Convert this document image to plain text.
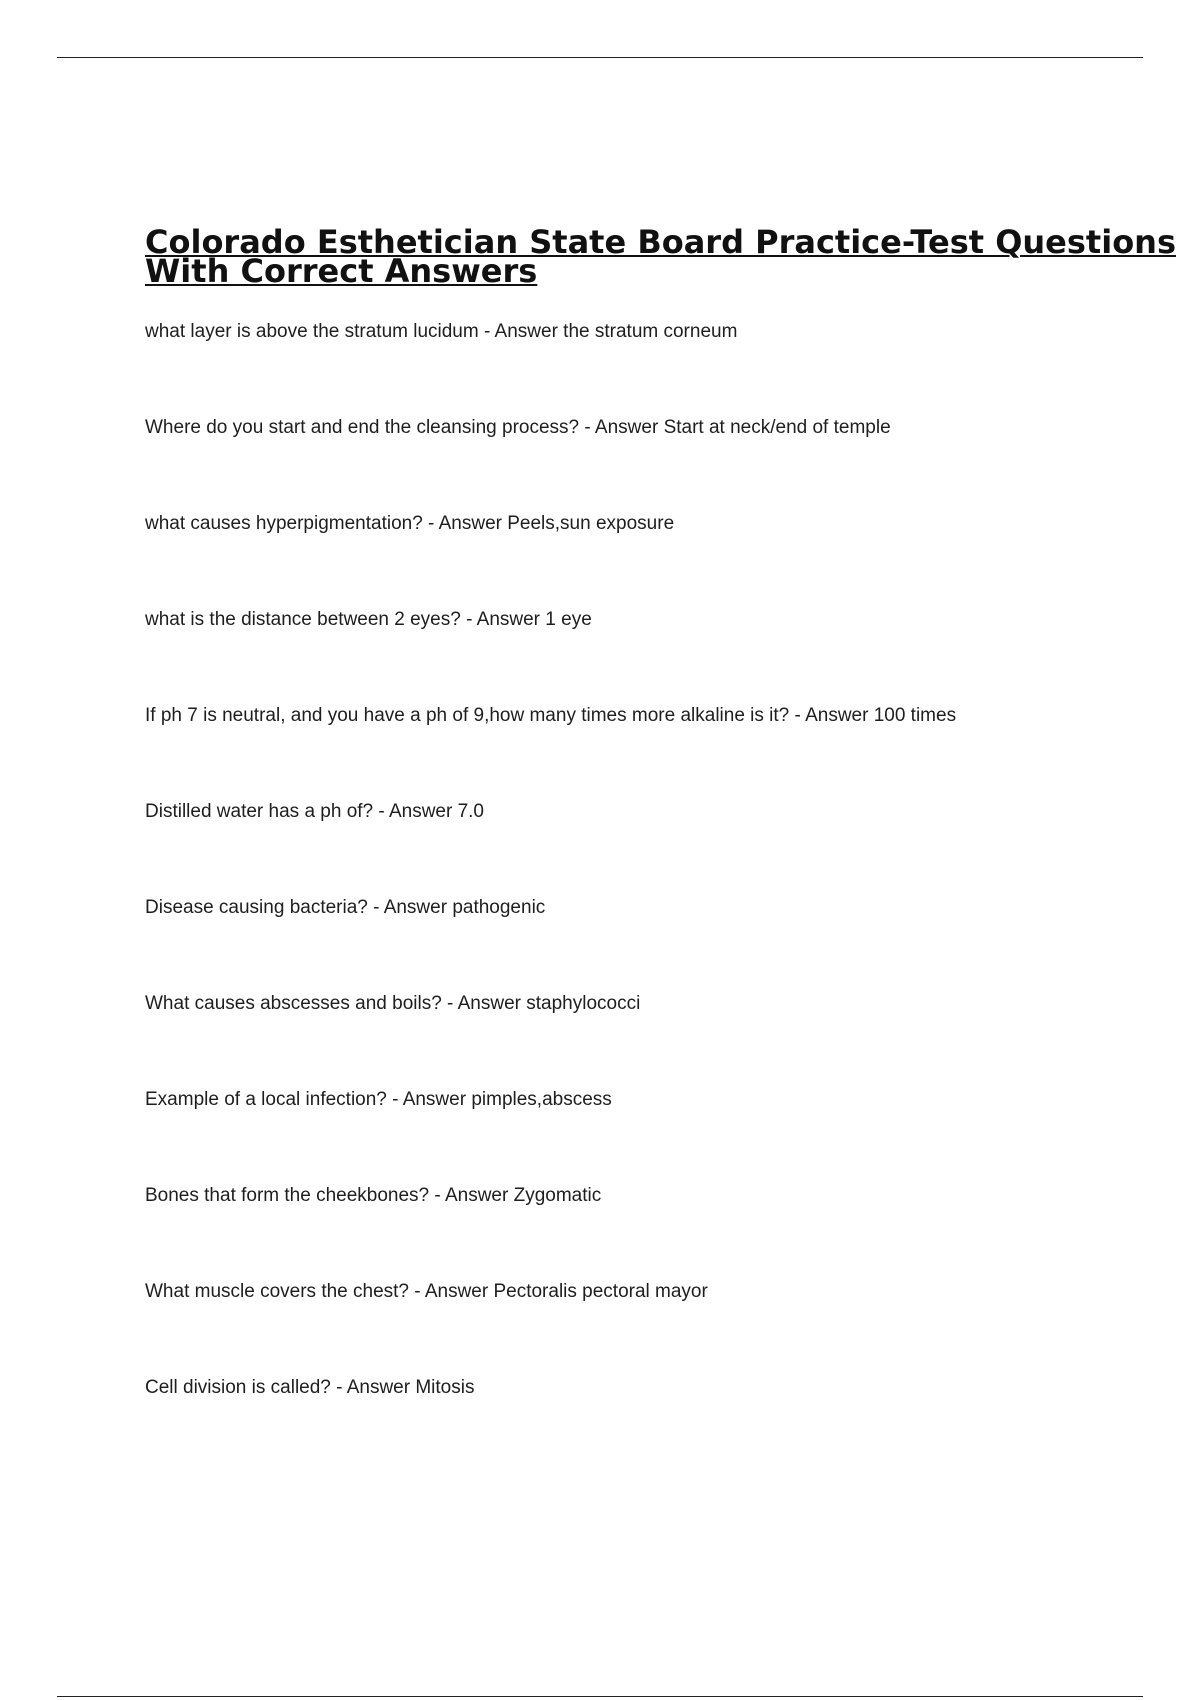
Colorado Esthetician State Board Practice-Test Questions
With Correct Answers
what layer is above the stratum lucidum - Answer the stratum corneum
Where do you start and end the cleansing process? - Answer Start at neck/end of temple
what causes hyperpigmentation? - Answer Peels,sun exposure
what is the distance between 2 eyes? - Answer 1 eye
If ph 7 is neutral, and you have a ph of 9,how many times more alkaline is it? - Answer 100 times
Distilled water has a ph of? - Answer 7.0
Disease causing bacteria? - Answer pathogenic
What causes abscesses and boils? - Answer staphylococci
Example of a local infection? - Answer pimples,abscess
Bones that form the cheekbones? - Answer Zygomatic
What muscle covers the chest? - Answer Pectoralis pectoral mayor
Cell division is called? - Answer Mitosis
